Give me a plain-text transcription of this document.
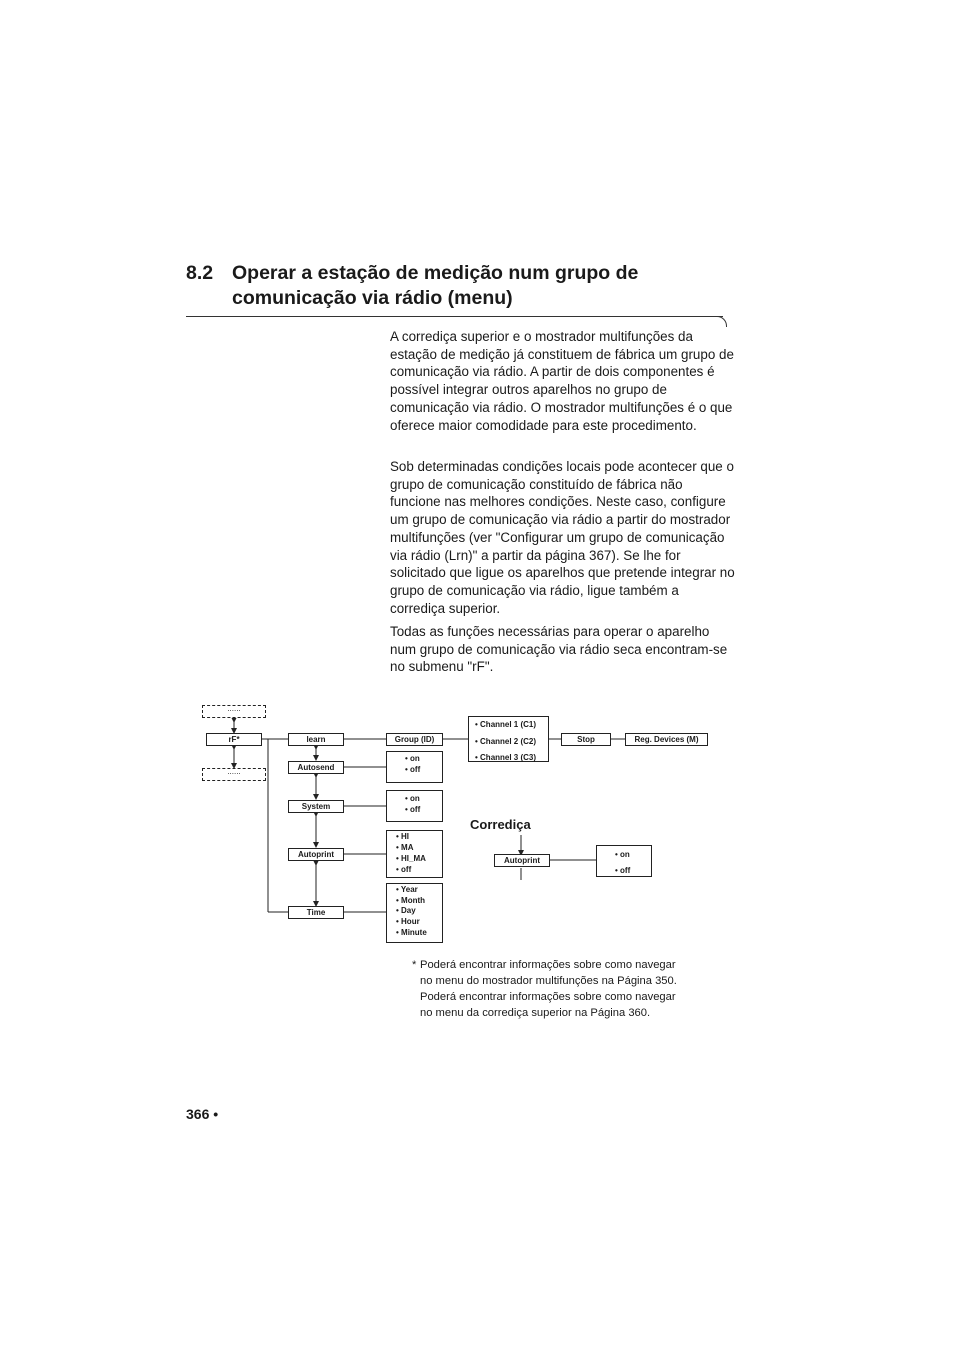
8.2 Operar a estação de medição num grupo de
comunicação via rádio (menu)

A corrediça superior e o mostrador multifunções da estação de medição já constituem de fábrica um grupo de comunicação via rádio. A partir de dois componentes é possível integrar outros aparelhos no grupo de comunicação via rádio. O mostrador multifunções é o que oferece maior comodidade para este procedimento.

Sob determinadas condições locais pode acontecer que o grupo de comunicação constituído de fábrica não funcione nas melhores condições. Neste caso, configure um grupo de comunicação via rádio a partir do mostrador multifunções (ver "Configurar um grupo de comunicação via rádio (Lrn)" a partir da página 367). Se lhe for solicitado que ligue os aparelhos que pretende integrar no grupo de comunicação via rádio, ligue também a corrediça superior.

Todas as funções necessárias para operar o aparelho num grupo de comunicação via rádio seca encontram-se no submenu "rF".

......
rF*
......
learn
Autosend
System
Autoprint
Time
Group (ID)
• Channel 1 (C1)
• Channel 2 (C2)
• Channel 3 (C3)
Stop	Reg. Devices (M)
• on
• off
• on
• off
• HI
• MA
• HI_MA
• off
• Year
• Month
• Day
• Hour
• Minute
Corrediça
Autoprint
• on
• off
* Poderá encontrar informações sobre como navegar
no menu do mostrador multifunções na Página 350.
Poderá encontrar informações sobre como navegar
no menu da corrediça superior na Página 360.
366 •
